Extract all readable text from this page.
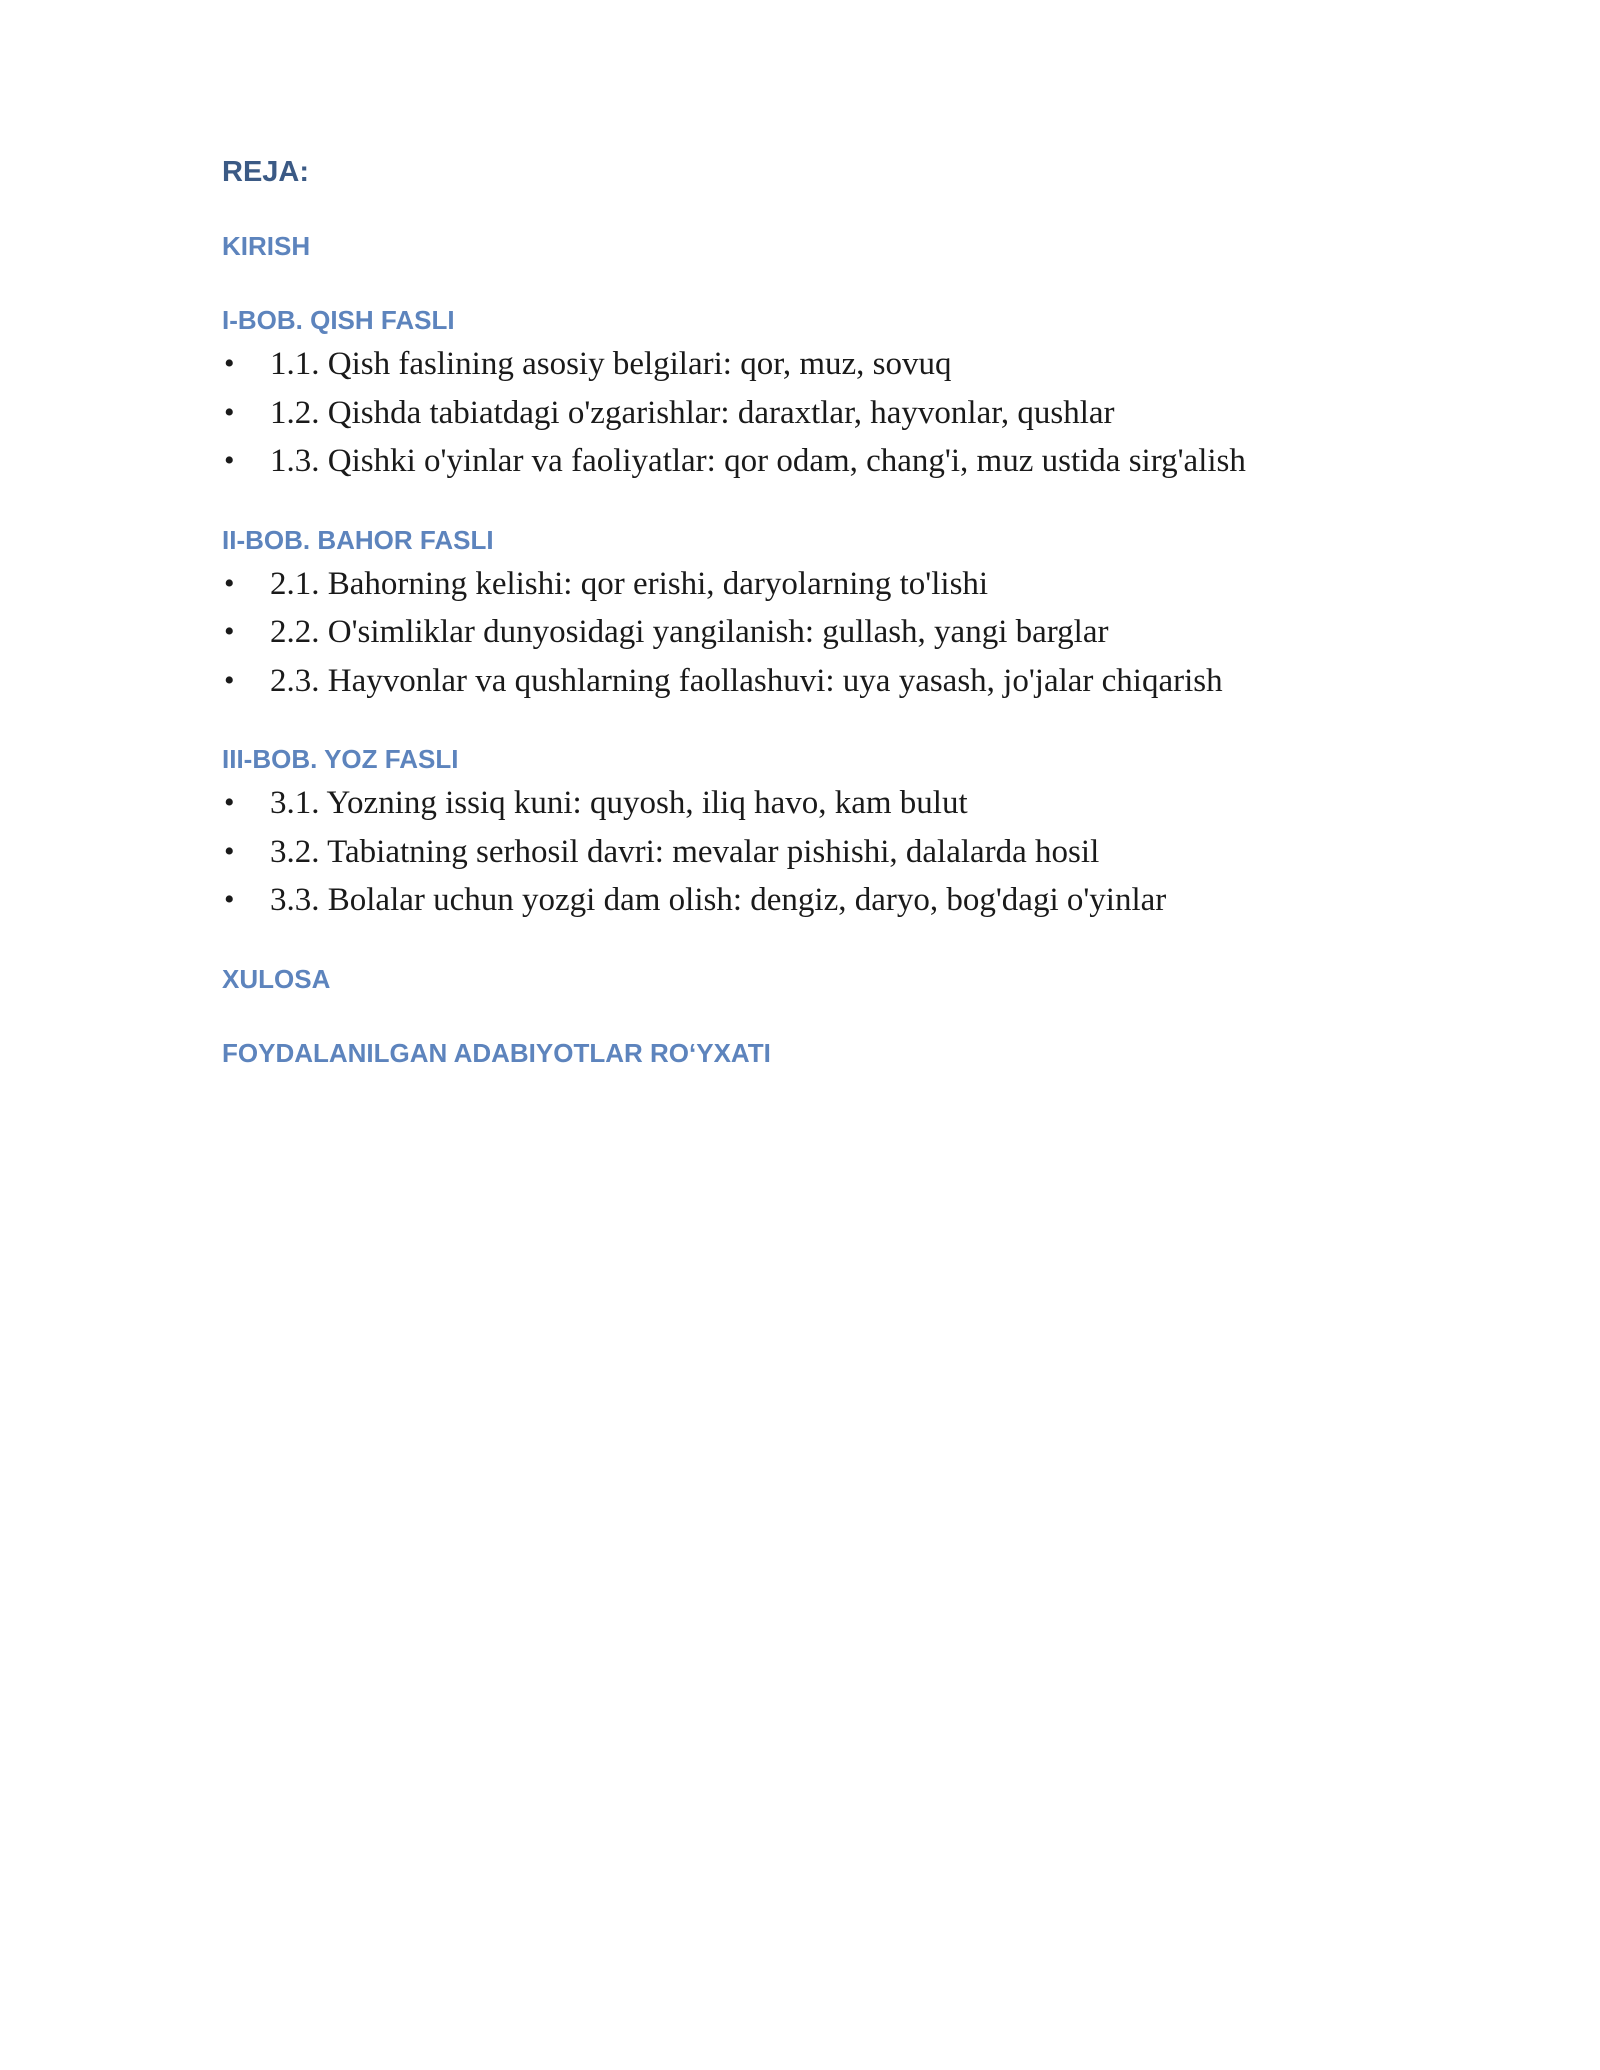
REJA:
KIRISH
I-BOB. QISH FASLI
• 1.1. Qish faslining asosiy belgilari: qor, muz, sovuq
• 1.2. Qishda tabiatdagi o'zgarishlar: daraxtlar, hayvonlar, qushlar
• 1.3. Qishki o'yinlar va faoliyatlar: qor odam, chang'i, muz ustida sirg'alish
II-BOB. BAHOR FASLI
• 2.1. Bahorning kelishi: qor erishi, daryolarning to'lishi
• 2.2. O'simliklar dunyosidagi yangilanish: gullash, yangi barglar
• 2.3. Hayvonlar va qushlarning faollashuvi: uya yasash, jo'jalar chiqarish
III-BOB. YOZ FASLI
• 3.1. Yozning issiq kuni: quyosh, iliq havo, kam bulut
• 3.2. Tabiatning serhosil davri: mevalar pishishi, dalalarda hosil
• 3.3. Bolalar uchun yozgi dam olish: dengiz, daryo, bog'dagi o'yinlar
XULOSA
FOYDALANILGAN ADABIYOTLAR RO‘YXATI
